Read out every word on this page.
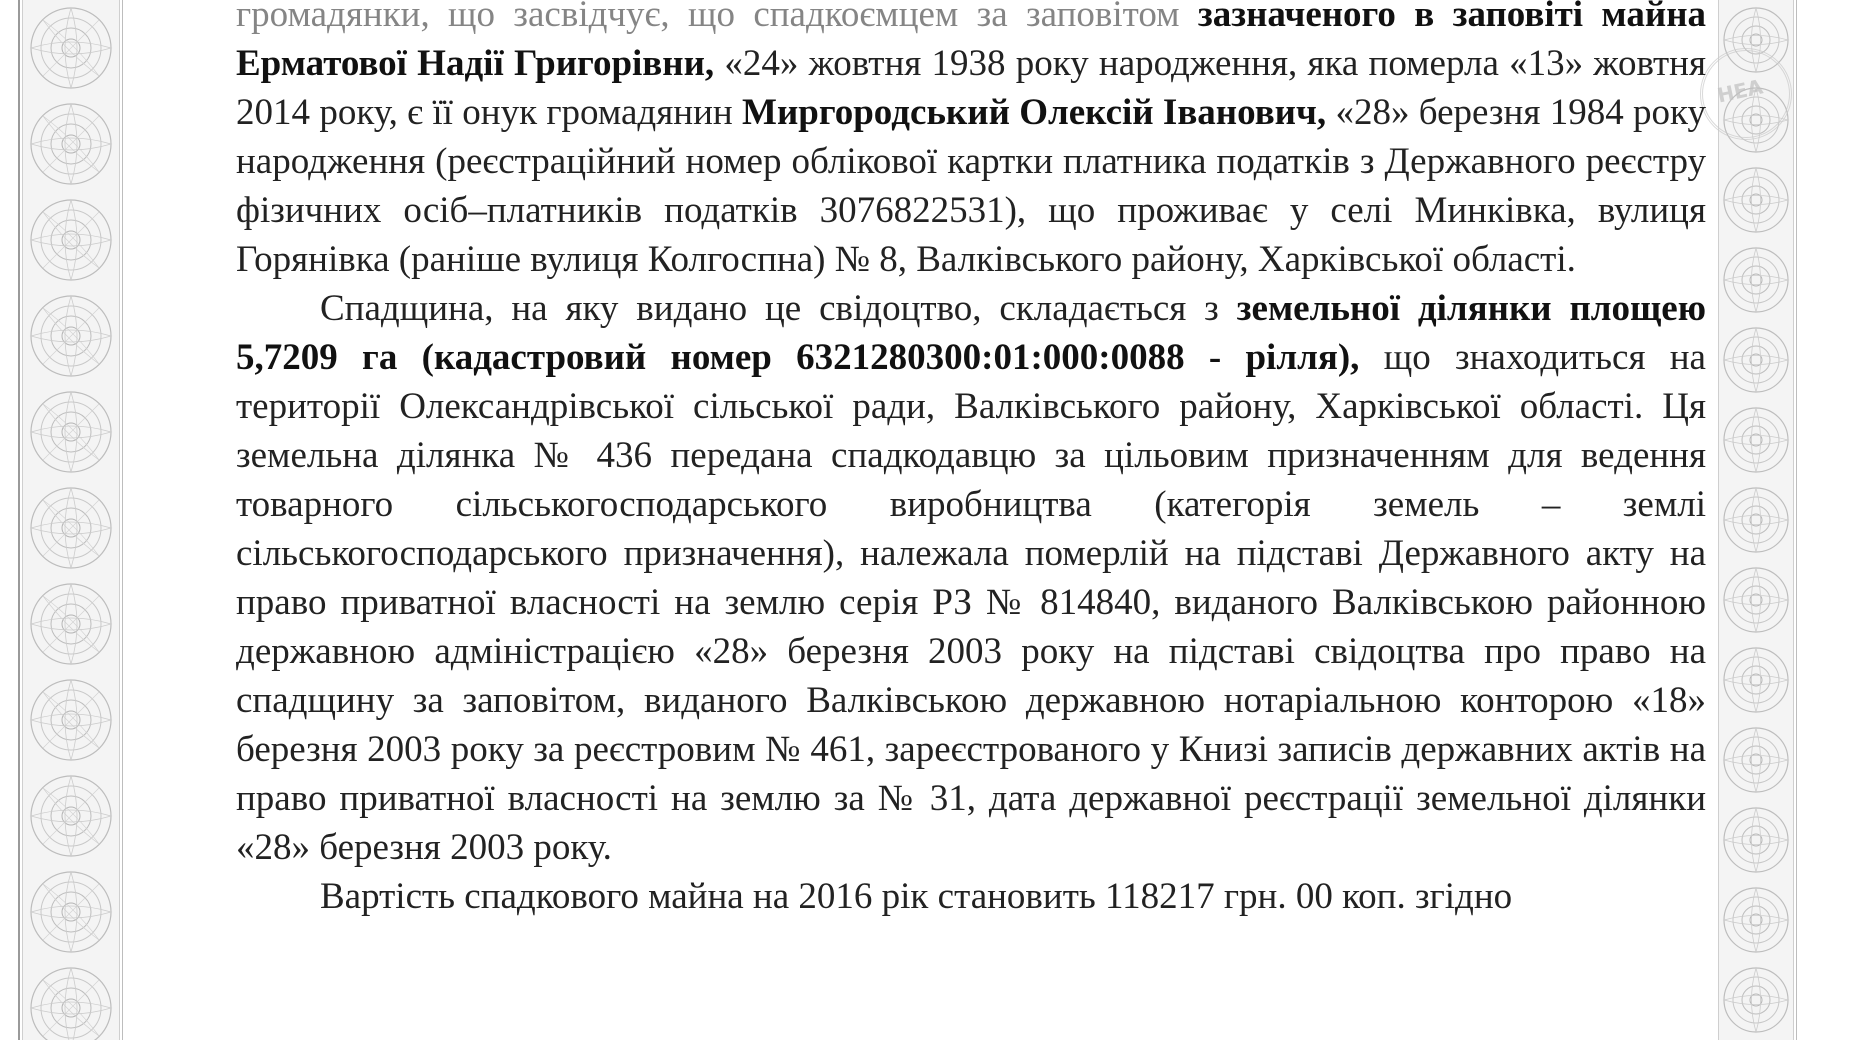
НЕА

громадянки, що засвідчує, що спадкоємцем за заповітом зазначеного в заповіті майна Ерматової Надії Григорівни, «24» жовтня 1938 року народження, яка померла «13» жовтня 2014 року, є її онук громадянин Миргородський Олексій Іванович, «28» березня 1984 року народження (реєстраційний номер облікової картки платника податків з Державного реєстру фізичних осіб–платників податків 3076822531), що проживає у селі Минківка, вулиця Горянівка (раніше вулиця Колгоспна) № 8, Валківського району, Харківської області.

Спадщина, на яку видано це свідоцтво, складається з земельної ділянки площею 5,7209 га (кадастровий номер 6321280300:01:000:0088 - рілля), що знаходиться на території Олександрівської сільської ради, Валківського району, Харківської області. Ця земельна ділянка № 436 передана спадкодавцю за цільовим призначенням для ведення товарного сільськогосподарського виробництва (категорія земель – землі сільськогосподарського призначення), належала померлій на підставі Державного акту на право приватної власності на землю серія РЗ № 814840, виданого Валківською районною державною адміністрацією «28» березня 2003 року на підставі свідоцтва про право на спадщину за заповітом, виданого Валківською державною нотаріальною конторою «18» березня 2003 року за реєстровим № 461, зареєстрованого у Книзі записів державних актів на право приватної власності на землю за № 31, дата державної реєстрації земельної ділянки «28» березня 2003 року.

Вартість спадкового майна на 2016 рік становить 118217 грн. 00 коп. згідно
